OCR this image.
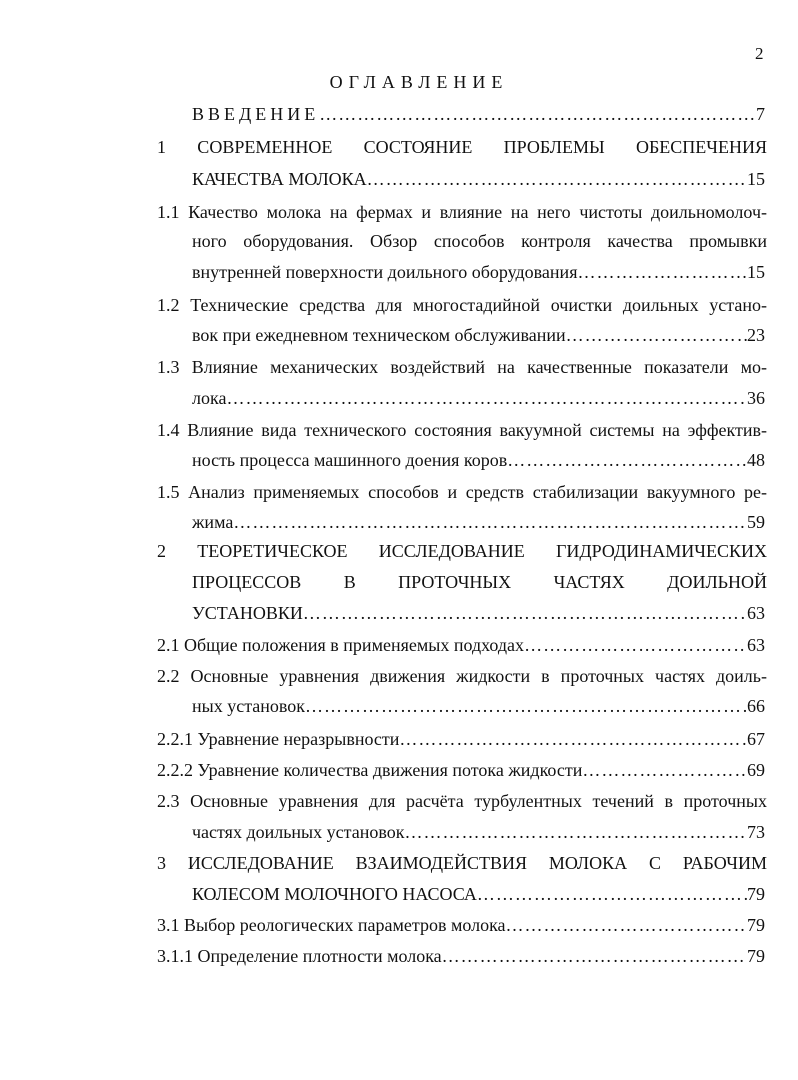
2
ОГЛАВЛЕНИЕ
ВВЕДЕНИЕ ………………………………………………………………………………………………………………………………………………………………………………	7
1 СОВРЕМЕННОЕ СОСТОЯНИЕ ПРОБЛЕМЫ ОБЕСПЕЧЕНИЯ
КАЧЕСТВА МОЛОКА ………………………………………………………………………………………………………………………………………………………………………………	15
1.1 Качество молока на фермах и влияние на него чистоты доильномолоч-
ного оборудования. Обзор способов контроля качества промывки
внутренней поверхности доильного оборудования ………………………………………………………………………………………………………………………………………………………………………………	15
1.2 Технические средства для многостадийной очистки доильных устано-
вок при ежедневном техническом обслуживании ………………………………………………………………………………………………………………………………………………………………………………	23
1.3 Влияние механических воздействий на качественные показатели мо-
лока ………………………………………………………………………………………………………………………………………………………………………………	36
1.4 Влияние вида технического состояния вакуумной системы на эффектив-
ность процесса машинного доения коров ………………………………………………………………………………………………………………………………………………………………………………	48
1.5 Анализ применяемых способов и средств стабилизации вакуумного ре-
жима ………………………………………………………………………………………………………………………………………………………………………………	59
2 ТЕОРЕТИЧЕСКОЕ ИССЛЕДОВАНИЕ ГИДРОДИНАМИЧЕСКИХ
ПРОЦЕССОВ В ПРОТОЧНЫХ ЧАСТЯХ ДОИЛЬНОЙ
УСТАНОВКИ ………………………………………………………………………………………………………………………………………………………………………………	63
2.1 Общие положения в применяемых подходах ………………………………………………………………………………………………………………………………………………………………………………	63
2.2 Основные уравнения движения жидкости в проточных частях доиль-
ных установок ………………………………………………………………………………………………………………………………………………………………………………	66
2.2.1 Уравнение неразрывности ………………………………………………………………………………………………………………………………………………………………………………	67
2.2.2 Уравнение количества движения потока жидкости ………………………………………………………………………………………………………………………………………………………………………………	69
2.3 Основные уравнения для расчёта турбулентных течений в проточных
частях доильных установок ………………………………………………………………………………………………………………………………………………………………………………	73
3 ИССЛЕДОВАНИЕ ВЗАИМОДЕЙСТВИЯ МОЛОКА С РАБОЧИМ
КОЛЕСОМ МОЛОЧНОГО НАСОСА ………………………………………………………………………………………………………………………………………………………………………………	79
3.1 Выбор реологических параметров молока ………………………………………………………………………………………………………………………………………………………………………………	79
3.1.1 Определение плотности молока ………………………………………………………………………………………………………………………………………………………………………………	79
